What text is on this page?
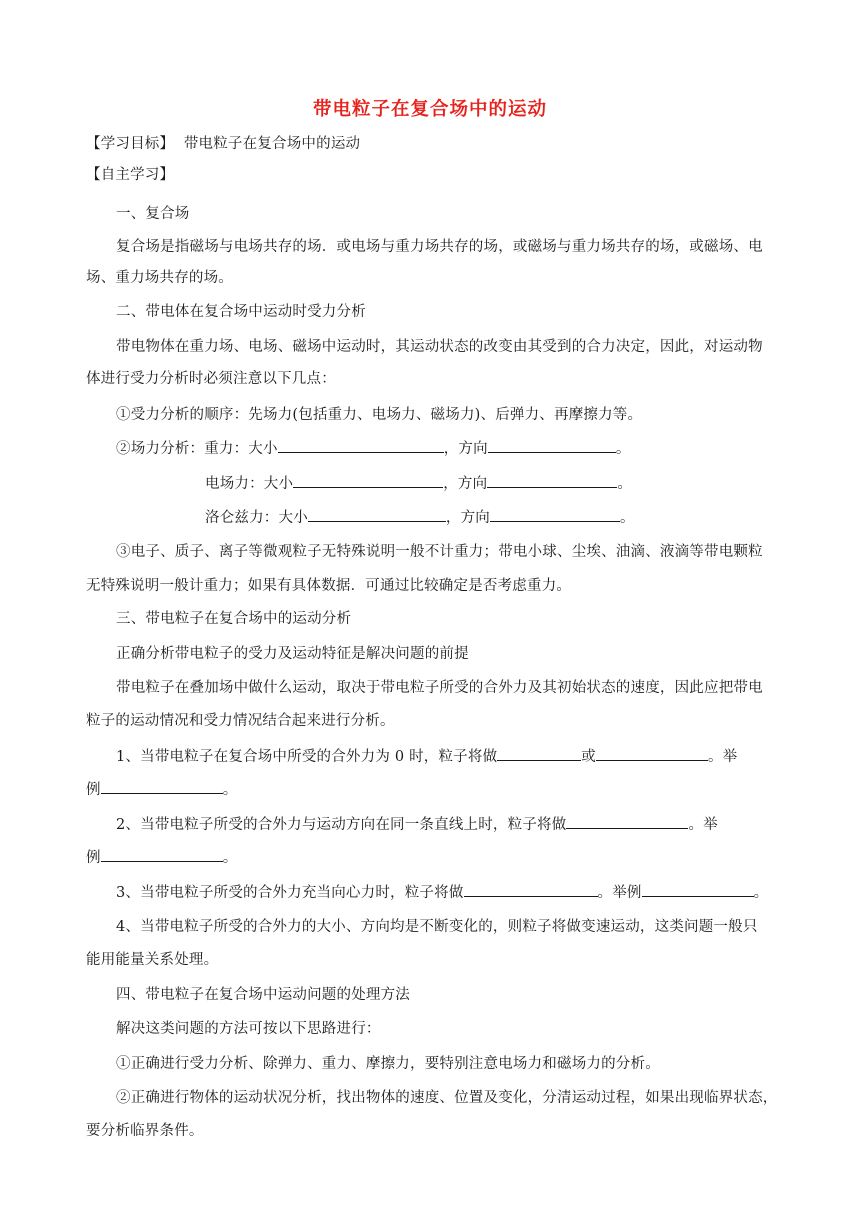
带电粒子在复合场中的运动
【学习目标】 带电粒子在复合场中的运动
【自主学习】
一、复合场
复合场是指磁场与电场共存的场．或电场与重力场共存的场，或磁场与重力场共存的场，或磁场、电
场、重力场共存的场。
二、带电体在复合场中运动时受力分析
带电物体在重力场、电场、磁场中运动时，其运动状态的改变由其受到的合力决定，因此，对运动物
体进行受力分析时必须注意以下几点：
①受力分析的顺序：先场力(包括重力、电场力、磁场力)、后弹力、再摩擦力等。
②场力分析：重力：大小	，方向	。
电场力：大小	，方向	。
洛仑兹力：大小	，方向	。
③电子、质子、离子等微观粒子无特殊说明一般不计重力；带电小球、尘埃、油滴、液滴等带电颗粒
无特殊说明一般计重力；如果有具体数据．可通过比较确定是否考虑重力。
三、带电粒子在复合场中的运动分析
正确分析带电粒子的受力及运动特征是解决问题的前提
带电粒子在叠加场中做什么运动，取决于带电粒子所受的合外力及其初始状态的速度，因此应把带电
粒子的运动情况和受力情况结合起来进行分析。
1、当带电粒子在复合场中所受的合外力为 0 时，粒子将做	或	。举
例	。
2、当带电粒子所受的合外力与运动方向在同一条直线上时，粒子将做	。举
例	。
3、当带电粒子所受的合外力充当向心力时，粒子将做	。举例	。
4、当带电粒子所受的合外力的大小、方向均是不断变化的，则粒子将做变速运动，这类问题一般只
能用能量关系处理。
四、带电粒子在复合场中运动问题的处理方法
解决这类问题的方法可按以下思路进行：
①正确进行受力分析、除弹力、重力、摩擦力，要特别注意电场力和磁场力的分析。
②正确进行物体的运动状况分析，找出物体的速度、位置及变化，分清运动过程，如果出现临界状态，
要分析临界条件。
